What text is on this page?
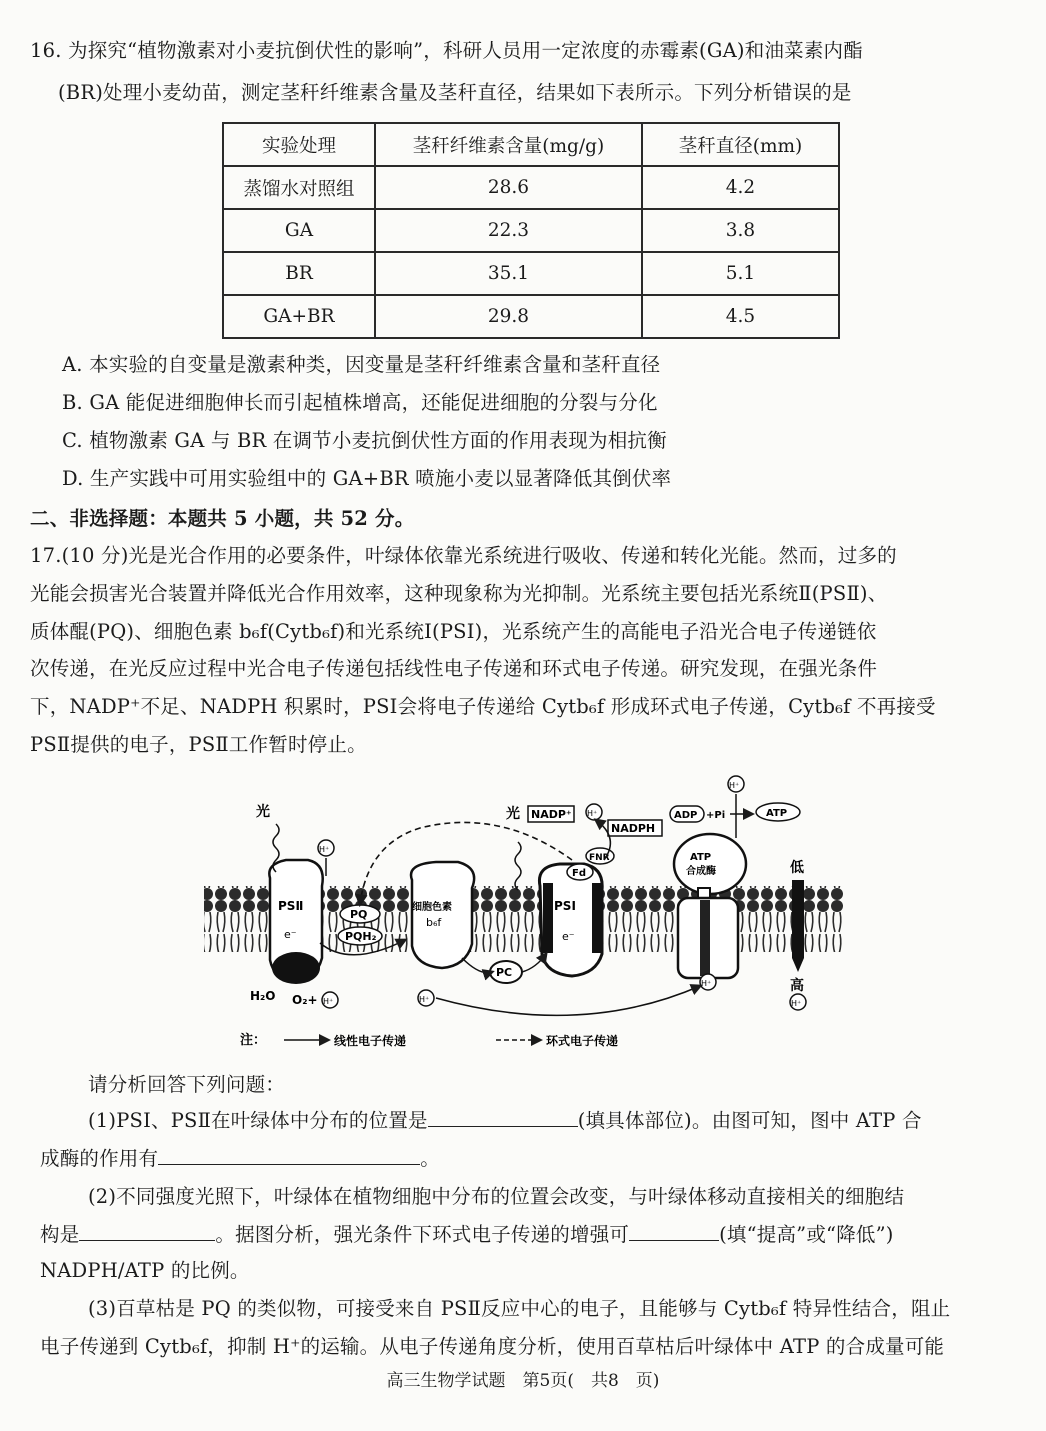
16. 为探究“植物激素对小麦抗倒伏性的影响”，科研人员用一定浓度的赤霉素(GA)和油菜素内酯
(BR)处理小麦幼苗，测定茎秆纤维素含量及茎秆直径，结果如下表所示。下列分析错误的是
实验处理	茎秆纤维素含量(mg/g)	茎秆直径(mm)
蒸馏水对照组	28.6	4.2
GA	22.3	3.8
BR	35.1	5.1
GA+BR	29.8	4.5
A. 本实验的自变量是激素种类，因变量是茎秆纤维素含量和茎秆直径
B. GA 能促进细胞伸长而引起植株增高，还能促进细胞的分裂与分化
C. 植物激素 GA 与 BR 在调节小麦抗倒伏性方面的作用表现为相抗衡
D. 生产实践中可用实验组中的 GA+BR 喷施小麦以显著降低其倒伏率
二、非选择题：本题共 5 小题，共 52 分。
17.(10 分)光是光合作用的必要条件，叶绿体依靠光系统进行吸收、传递和转化光能。然而，过多的
光能会损害光合装置并降低光合作用效率，这种现象称为光抑制。光系统主要包括光系统Ⅱ(PSⅡ)、
质体醌(PQ)、细胞色素 b₆f(Cytb₆f)和光系统Ⅰ(PSⅠ)，光系统产生的高能电子沿光合电子传递链依
次传递，在光反应过程中光合电子传递包括线性电子传递和环式电子传递。研究发现，在强光条件
下，NADP⁺不足、NADPH 积累时，PSⅠ会将电子传递给 Cytb₆f 形成环式电子传递，Cytb₆f 不再接受
PSⅡ提供的电子，PSⅡ工作暂时停止。
PSⅡ
e⁻
PQ
PQH₂
细胞色素
b₆f
PC
PSⅠ
e⁻
Fd
FNR	ATP
合成酶	低
高
H⁺
光	光 NADP⁺ H⁺
NADPH
ADP +Pi	ATP
H⁺
H⁺
H₂O O₂+ H⁺	H⁺
H⁺
注：	线性电子传递	环式电子传递
请分析回答下列问题：
(1)PSⅠ、PSⅡ在叶绿体中分布的位置是	(填具体部位)。由图可知，图中 ATP 合
成酶的作用有	。
(2)不同强度光照下，叶绿体在植物细胞中分布的位置会改变，与叶绿体移动直接相关的细胞结
构是	。据图分析，强光条件下环式电子传递的增强可	(填“提高”或“降低”)
NADPH/ATP 的比例。
(3)百草枯是 PQ 的类似物，可接受来自 PSⅡ反应中心的电子，且能够与 Cytb₆f 特异性结合，阻止
电子传递到 Cytb₆f，抑制 H⁺的运输。从电子传递角度分析，使用百草枯后叶绿体中 ATP 的合成量可能
高三生物学试题　第5页(　共8　页)
